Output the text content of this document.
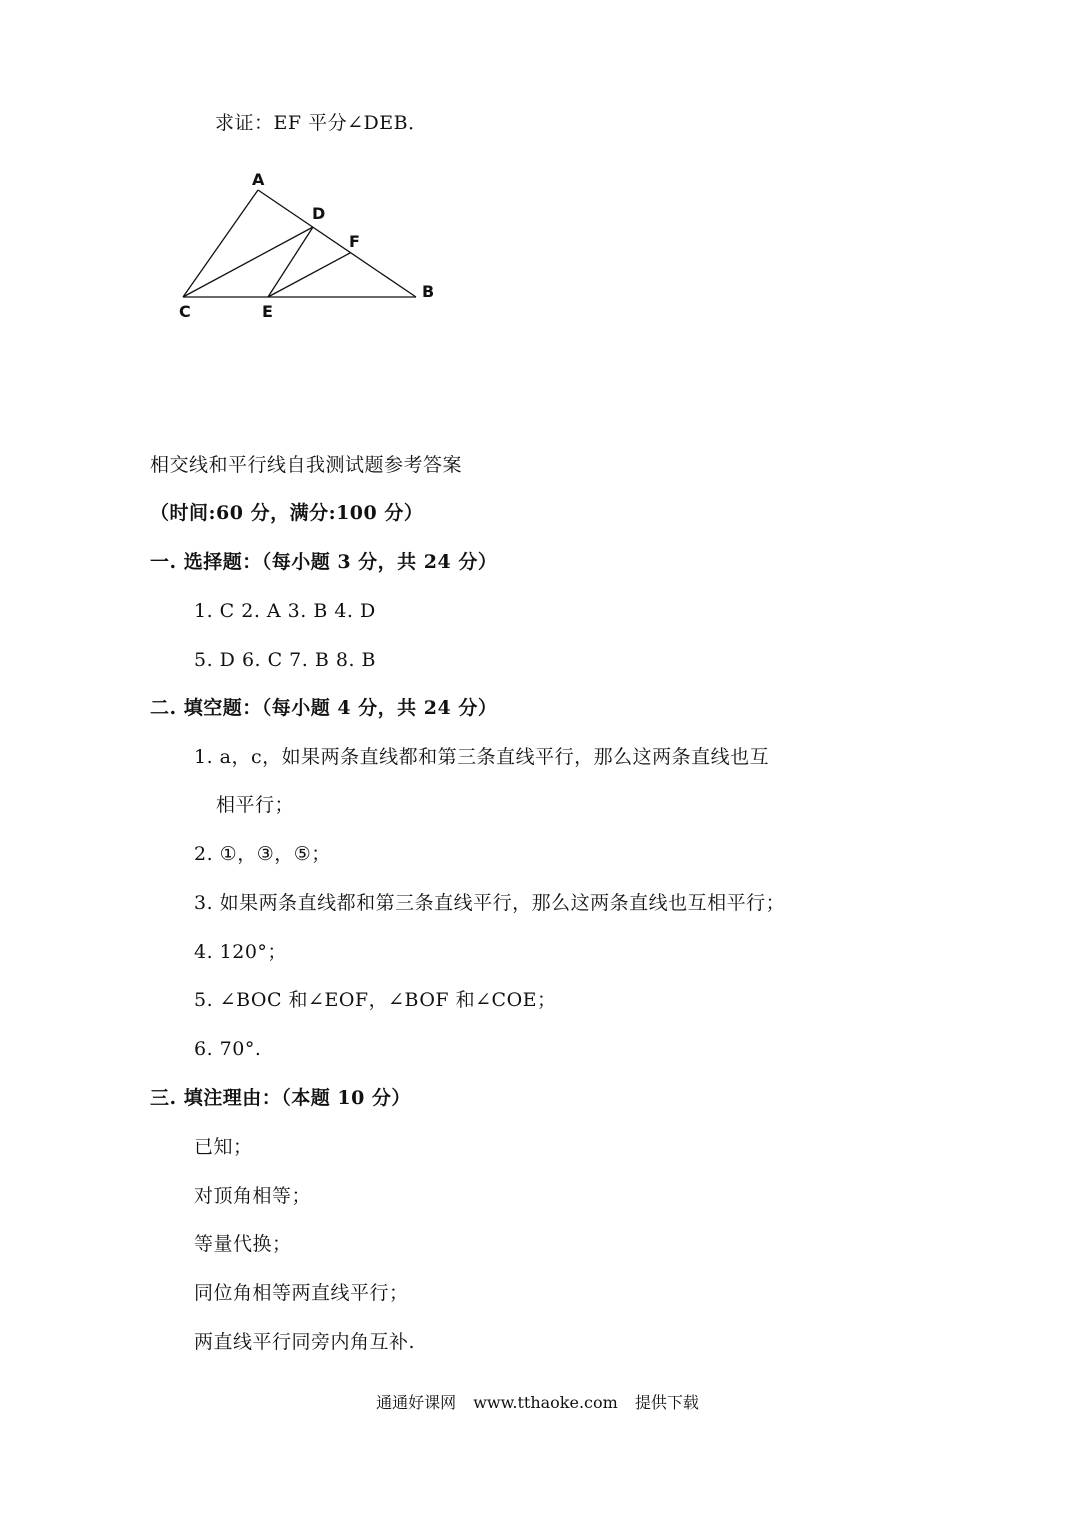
求证：EF 平分∠DEB．
A
D
F
B
C	E
相交线和平行线自我测试题参考答案
（时间:60 分，满分:100 分）
一. 选择题：（每小题 3 分，共 24 分）
1. C 2. A 3. B 4. D
5. D 6. C 7. B 8. B
二. 填空题：（每小题 4 分，共 24 分）
1. a，c，如果两条直线都和第三条直线平行，那么这两条直线也互
相平行；
2. ①，③，⑤；
3. 如果两条直线都和第三条直线平行，那么这两条直线也互相平行；
4. 120°；
5. ∠BOC 和∠EOF，∠BOF 和∠COE；
6. 70°.
三. 填注理由：（本题 10 分）
已知；
对顶角相等；
等量代换；
同位角相等两直线平行；
两直线平行同旁内角互补.
通通好课网 www.tthaoke.com 提供下载
